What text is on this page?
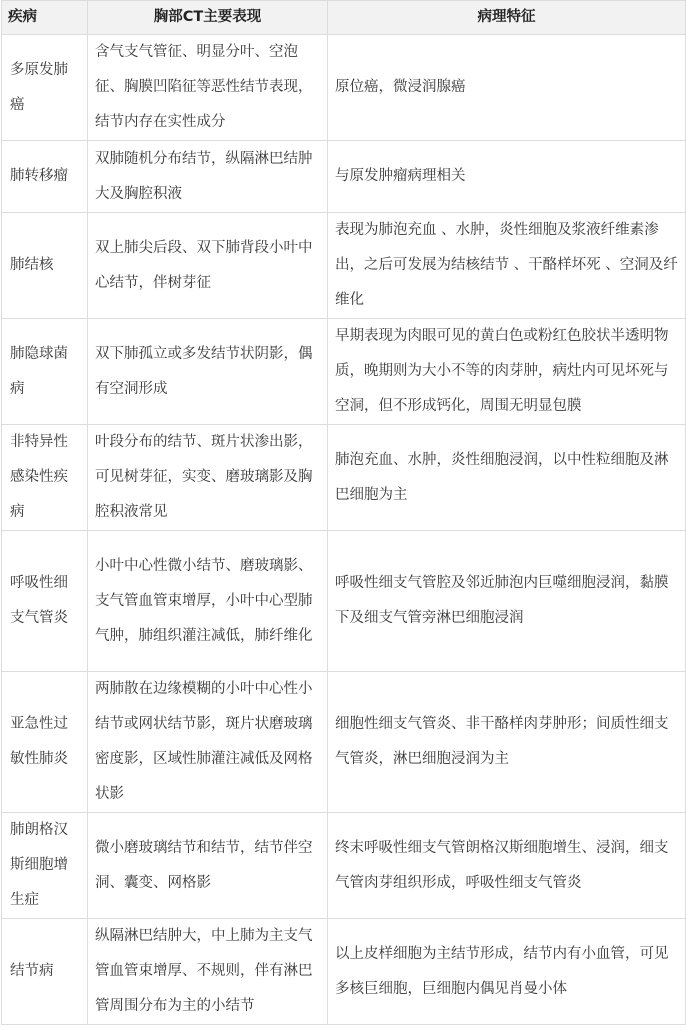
疾病	胸部CT主要表现	病理特征
多原发肺癌	含气支气管征、明显分叶、空泡征、胸膜凹陷征等恶性结节表现，结节内存在实性成分	原位癌，微浸润腺癌
肺转移瘤	双肺随机分布结节，纵隔淋巴结肿大及胸腔积液	与原发肿瘤病理相关
肺结核	双上肺尖后段、双下肺背段小叶中心结节，伴树芽征	表现为肺泡充血 、水肿，炎性细胞及浆液纤维素渗出，之后可发展为结核结节 、干酪样坏死 、空洞及纤维化
肺隐球菌病	双下肺孤立或多发结节状阴影，偶有空洞形成	早期表现为肉眼可见的黄白色或粉红色胶状半透明物质，晚期则为大小不等的肉芽肿，病灶内可见坏死与空洞，但不形成钙化，周围无明显包膜
非特异性感染性疾病	叶段分布的结节、斑片状渗出影，可见树芽征，实变、磨玻璃影及胸腔积液常见	肺泡充血、水肿，炎性细胞浸润，以中性粒细胞及淋巴细胞为主
呼吸性细支气管炎	小叶中心性微小结节、磨玻璃影、支气管血管束增厚，小叶中心型肺气肿，肺组织灌注减低，肺纤维化	呼吸性细支气管腔及邻近肺泡内巨噬细胞浸润，黏膜下及细支气管旁淋巴细胞浸润
亚急性过敏性肺炎	两肺散在边缘模糊的小叶中心性小结节或网状结节影，斑片状磨玻璃密度影，区域性肺灌注减低及网格状影	细胞性细支气管炎、非干酪样肉芽肿形；间质性细支气管炎，淋巴细胞浸润为主
肺朗格汉斯细胞增生症	微小磨玻璃结节和结节，结节伴空洞、囊变、网格影	终末呼吸性细支气管朗格汉斯细胞增生、浸润，细支气管肉芽组织形成，呼吸性细支气管炎
结节病	纵隔淋巴结肿大，中上肺为主支气管血管束增厚、不规则，伴有淋巴管周围分布为主的小结节	以上皮样细胞为主结节形成，结节内有小血管，可见多核巨细胞，巨细胞内偶见肖曼小体
